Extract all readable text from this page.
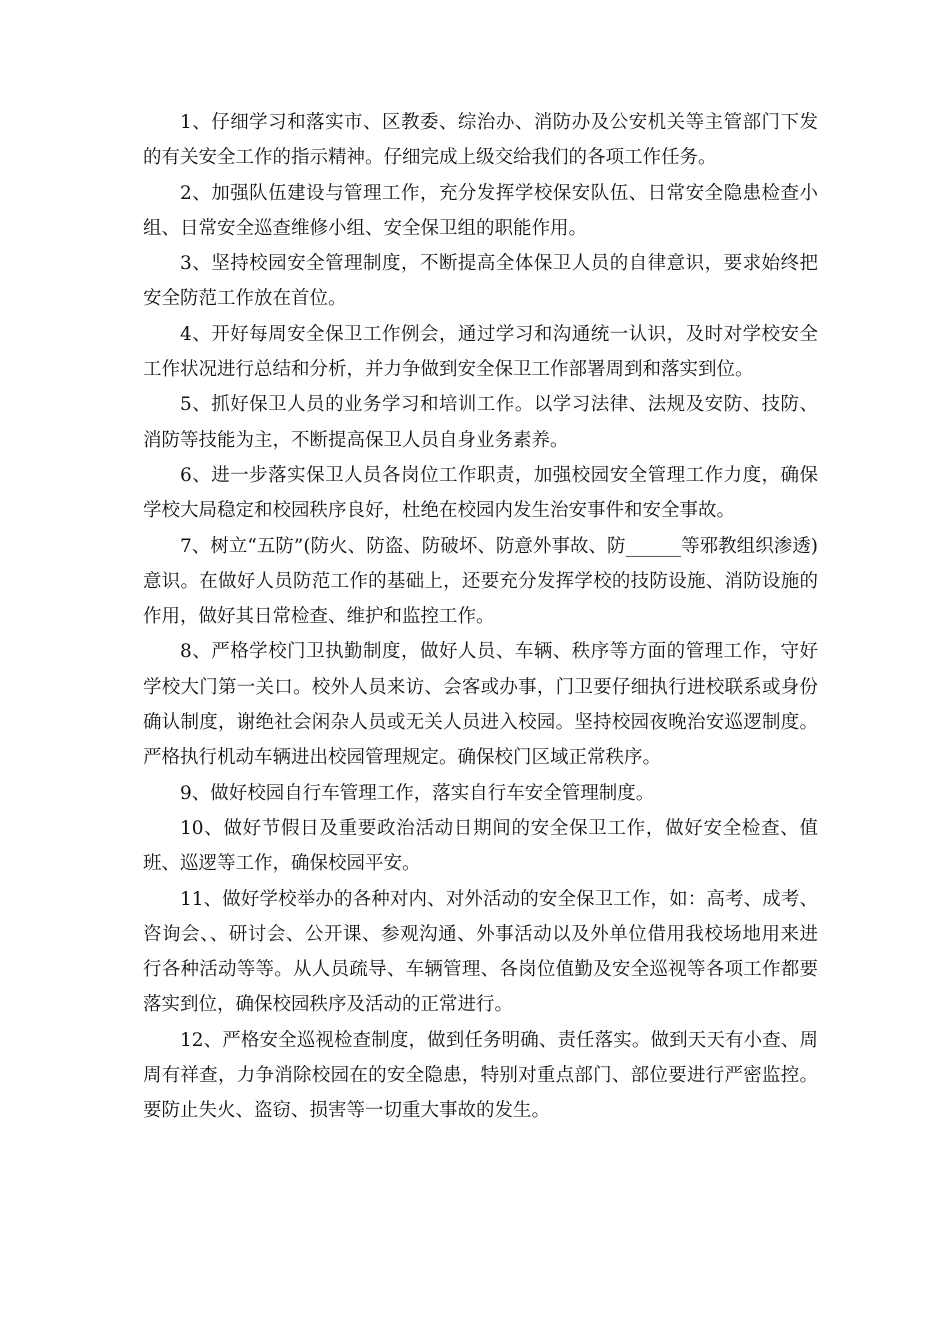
1、仔细学习和落实市、区教委、综治办、消防办及公安机关等主管部门下发的有关安全工作的指示精神。仔细完成上级交给我们的各项工作任务。

2、加强队伍建设与管理工作，充分发挥学校保安队伍、日常安全隐患检查小组、日常安全巡查维修小组、安全保卫组的职能作用。

3、坚持校园安全管理制度，不断提高全体保卫人员的自律意识，要求始终把安全防范工作放在首位。

4、开好每周安全保卫工作例会，通过学习和沟通统一认识，及时对学校安全工作状况进行总结和分析，并力争做到安全保卫工作部署周到和落实到位。

5、抓好保卫人员的业务学习和培训工作。以学习法律、法规及安防、技防、消防等技能为主，不断提高保卫人员自身业务素养。

6、进一步落实保卫人员各岗位工作职责，加强校园安全管理工作力度，确保学校大局稳定和校园秩序良好，杜绝在校园内发生治安事件和安全事故。

7、树立“五防”(防火、防盗、防破坏、防意外事故、防______等邪教组织渗透)意识。在做好人员防范工作的基础上，还要充分发挥学校的技防设施、消防设施的作用，做好其日常检查、维护和监控工作。

8、严格学校门卫执勤制度，做好人员、车辆、秩序等方面的管理工作，守好学校大门第一关口。校外人员来访、会客或办事，门卫要仔细执行进校联系或身份确认制度，谢绝社会闲杂人员或无关人员进入校园。坚持校园夜晚治安巡逻制度。严格执行机动车辆进出校园管理规定。确保校门区域正常秩序。

9、做好校园自行车管理工作，落实自行车安全管理制度。

10、做好节假日及重要政治活动日期间的安全保卫工作，做好安全检查、值班、巡逻等工作，确保校园平安。

11、做好学校举办的各种对内、对外活动的安全保卫工作，如：高考、成考、咨询会、、研讨会、公开课、参观沟通、外事活动以及外单位借用我校场地用来进行各种活动等等。从人员疏导、车辆管理、各岗位值勤及安全巡视等各项工作都要落实到位，确保校园秩序及活动的正常进行。

12、严格安全巡视检查制度，做到任务明确、责任落实。做到天天有小查、周周有祥查，力争消除校园在的安全隐患，特别对重点部门、部位要进行严密监控。要防止失火、盗窃、损害等一切重大事故的发生。
